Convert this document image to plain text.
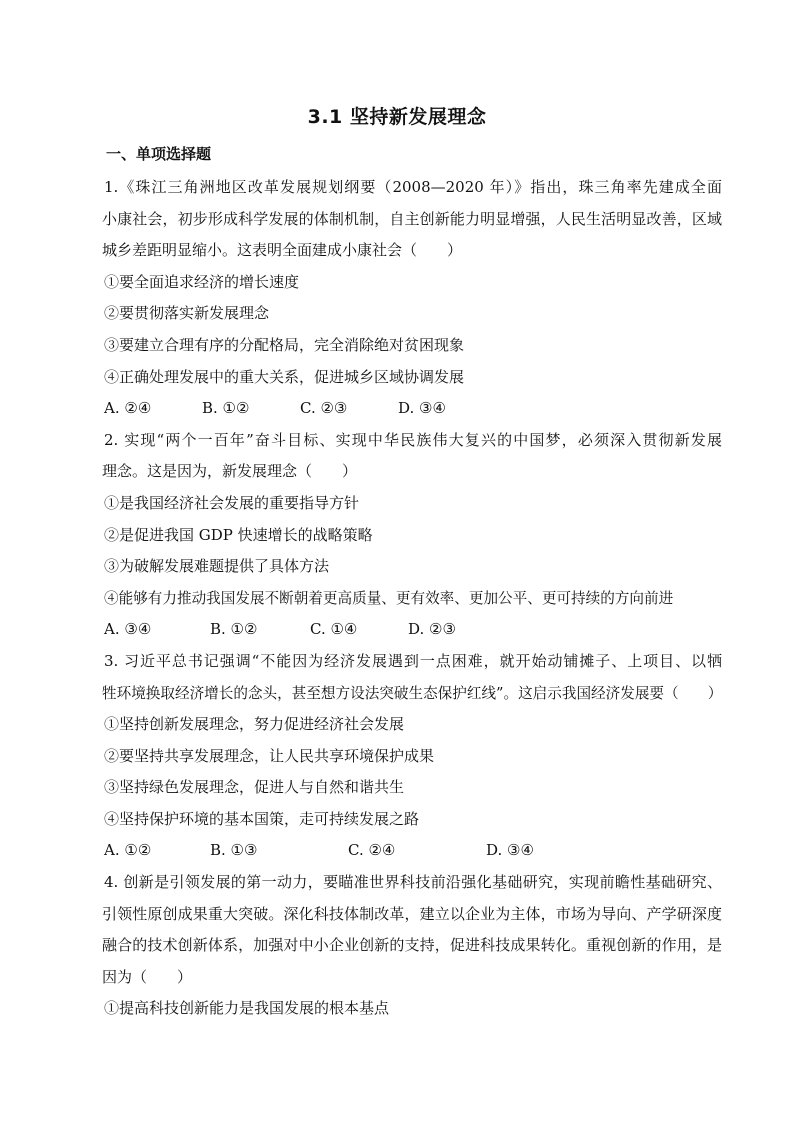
3.1 坚持新发展理念
一、单项选择题
1.《珠江三角洲地区改革发展规划纲要（2008—2020 年）》指出，珠三角率先建成全面
小康社会，初步形成科学发展的体制机制，自主创新能力明显增强，人民生活明显改善，区域
城乡差距明显缩小。这表明全面建成小康社会（　　）
①要全面追求经济的增长速度
②要贯彻落实新发展理念
③要建立合理有序的分配格局，完全消除绝对贫困现象
④正确处理发展中的重大关系，促进城乡区域协调发展
A. ②④	B. ①②	C. ②③	D. ③④
2. 实现“两个一百年”奋斗目标、实现中华民族伟大复兴的中国梦，必须深入贯彻新发展
理念。这是因为，新发展理念（　　）
①是我国经济社会发展的重要指导方针
②是促进我国 GDP 快速增长的战略策略
③为破解发展难题提供了具体方法
④能够有力推动我国发展不断朝着更高质量、更有效率、更加公平、更可持续的方向前进
A. ③④	B. ①②	C. ①④	D. ②③
3. 习近平总书记强调“不能因为经济发展遇到一点困难，就开始动铺摊子、上项目、以牺
牲环境换取经济增长的念头，甚至想方设法突破生态保护红线”。这启示我国经济发展要（　　）
①坚持创新发展理念，努力促进经济社会发展
②要坚持共享发展理念，让人民共享环境保护成果
③坚持绿色发展理念，促进人与自然和谐共生
④坚持保护环境的基本国策，走可持续发展之路
A. ①②	B. ①③	C. ②④	D. ③④
4. 创新是引领发展的第一动力，要瞄准世界科技前沿强化基础研究，实现前瞻性基础研究、
引领性原创成果重大突破。深化科技体制改革，建立以企业为主体，市场为导向、产学研深度
融合的技术创新体系，加强对中小企业创新的支持，促进科技成果转化。重视创新的作用，是
因为（　　）
①提高科技创新能力是我国发展的根本基点
